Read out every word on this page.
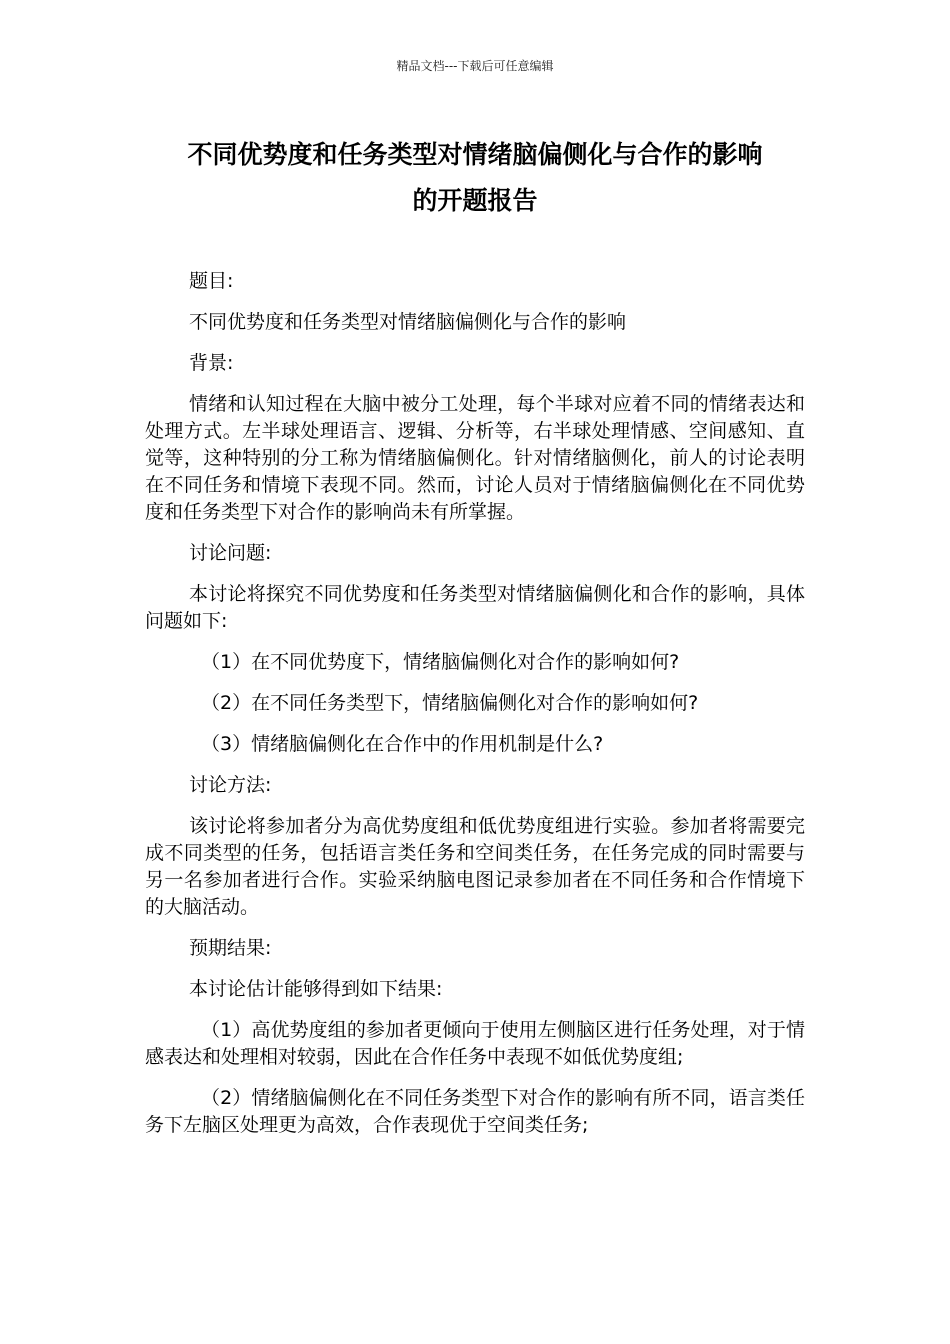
精品文档---下载后可任意编辑
不同优势度和任务类型对情绪脑偏侧化与合作的影响
的开题报告

题目:

不同优势度和任务类型对情绪脑偏侧化与合作的影响

背景:

情绪和认知过程在大脑中被分工处理，每个半球对应着不同的情绪表达和处理方式。左半球处理语言、逻辑、分析等，右半球处理情感、空间感知、直觉等，这种特别的分工称为情绪脑偏侧化。针对情绪脑侧化，前人的讨论表明在不同任务和情境下表现不同。然而，讨论人员对于情绪脑偏侧化在不同优势度和任务类型下对合作的影响尚未有所掌握。

讨论问题:

本讨论将探究不同优势度和任务类型对情绪脑偏侧化和合作的影响，具体问题如下:

（1）在不同优势度下，情绪脑偏侧化对合作的影响如何?

（2）在不同任务类型下，情绪脑偏侧化对合作的影响如何?

（3）情绪脑偏侧化在合作中的作用机制是什么?

讨论方法:

该讨论将参加者分为高优势度组和低优势度组进行实验。参加者将需要完成不同类型的任务，包括语言类任务和空间类任务，在任务完成的同时需要与另一名参加者进行合作。实验采纳脑电图记录参加者在不同任务和合作情境下的大脑活动。

预期结果:

本讨论估计能够得到如下结果:

（1）高优势度组的参加者更倾向于使用左侧脑区进行任务处理，对于情感表达和处理相对较弱，因此在合作任务中表现不如低优势度组;

（2）情绪脑偏侧化在不同任务类型下对合作的影响有所不同，语言类任务下左脑区处理更为高效，合作表现优于空间类任务;
